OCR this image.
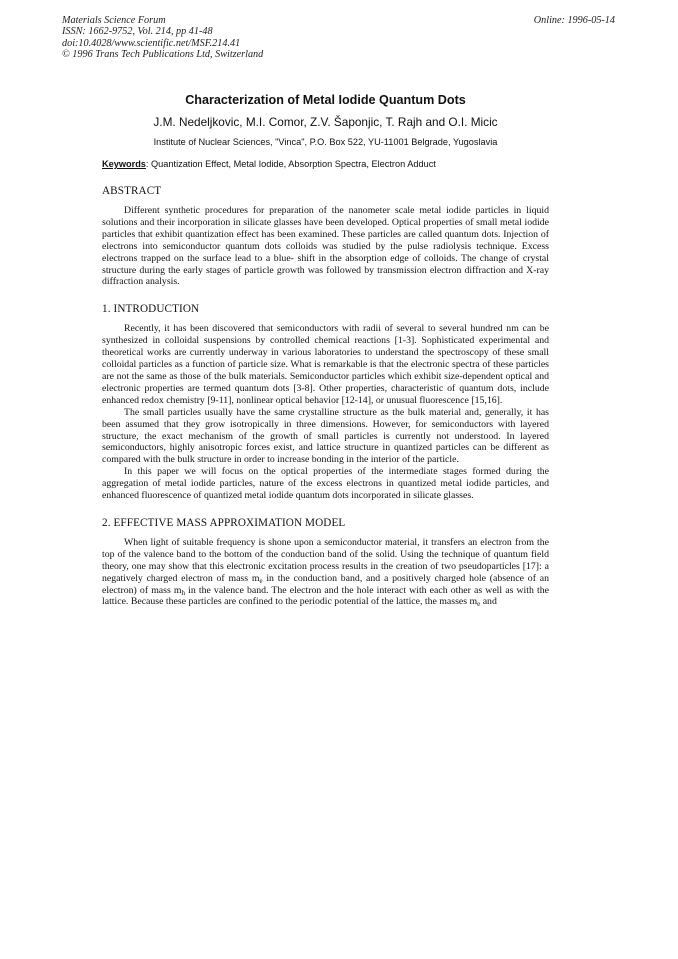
Materials Science Forum
ISSN: 1662-9752, Vol. 214, pp 41-48
doi:10.4028/www.scientific.net/MSF.214.41
© 1996 Trans Tech Publications Ltd, Switzerland
Online: 1996-05-14
Characterization of Metal Iodide Quantum Dots
J.M. Nedeljkovic, M.I. Comor, Z.V. Šaponjic, T. Rajh and O.I. Micic
Institute of Nuclear Sciences, "Vinca", P.O. Box 522, YU-11001 Belgrade, Yugoslavia
Keywords: Quantization Effect, Metal Iodide, Absorption Spectra, Electron Adduct
ABSTRACT

Different synthetic procedures for preparation of the nanometer scale metal iodide particles in liquid solutions and their incorporation in silicate glasses have been developed. Optical properties of small metal iodide particles that exhibit quantization effect has been examined. These particles are called quantum dots. Injection of electrons into semiconductor quantum dots colloids was studied by the pulse radiolysis technique. Excess electrons trapped on the surface lead to a blue- shift in the absorption edge of colloids. The change of crystal structure during the early stages of particle growth was followed by transmission electron diffraction and X-ray diffraction analysis.

1. INTRODUCTION

Recently, it has been discovered that semiconductors with radii of several to several hundred nm can be synthesized in colloidal suspensions by controlled chemical reactions [1-3]. Sophisticated experimental and theoretical works are currently underway in various laboratories to understand the spectroscopy of these small colloidal particles as a function of particle size. What is remarkable is that the electronic spectra of these particles are not the same as those of the bulk materials. Semiconductor particles which exhibit size-dependent optical and electronic properties are termed quantum dots [3-8]. Other properties, characteristic of quantum dots, include enhanced redox chemistry [9-11], nonlinear optical behavior [12-14], or unusual fluorescence [15,16].

The small particles usually have the same crystalline structure as the bulk material and, generally, it has been assumed that they grow isotropically in three dimensions. However, for semiconductors with layered structure, the exact mechanism of the growth of small particles is currently not understood. In layered semiconductors, highly anisotropic forces exist, and lattice structure in quantized particles can be different as compared with the bulk structure in order to increase bonding in the interior of the particle.

In this paper we will focus on the optical properties of the intermediate stages formed during the aggregation of metal iodide particles, nature of the excess electrons in quantized metal iodide particles, and enhanced fluorescence of quantized metal iodide quantum dots incorporated in silicate glasses.

2. EFFECTIVE MASS APPROXIMATION MODEL

When light of suitable frequency is shone upon a semiconductor material, it transfers an electron from the top of the valence band to the bottom of the conduction band of the solid. Using the technique of quantum field theory, one may show that this electronic excitation process results in the creation of two pseudoparticles [17]: a negatively charged electron of mass $m_e$ in the conduction band, and a positively charged hole (absence of an electron) of mass $m_h$ in the valence band. The electron and the hole interact with each other as well as with the lattice. Because these particles are confined to the periodic potential of the lattice, the masses $m_e$ and
